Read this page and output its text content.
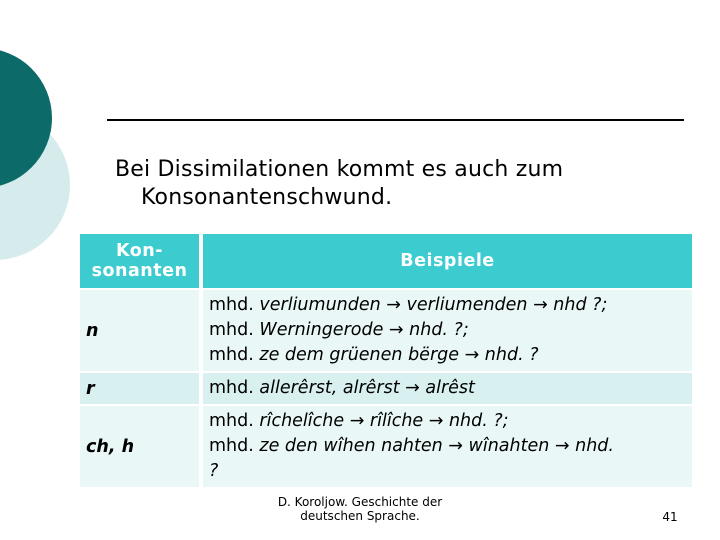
Bei Dissimilationen kommt es auch zum
Konsonantenschwund.
Kon-
sonanten	Beispiele
n	mhd. verliumunden → verliumenden → nhd ?;
mhd. Werningerode → nhd. ?;
mhd. ze dem grüenen bërge → nhd. ?

r	mhd. allerêrst, alrêrst → alrêst

ch, h	mhd. rîchelîche → rîlîche → nhd. ?;
mhd. ze den wîhen nahten → wînahten → nhd.
?
D. Koroljow. Geschichte der
deutschen Sprache.	41
